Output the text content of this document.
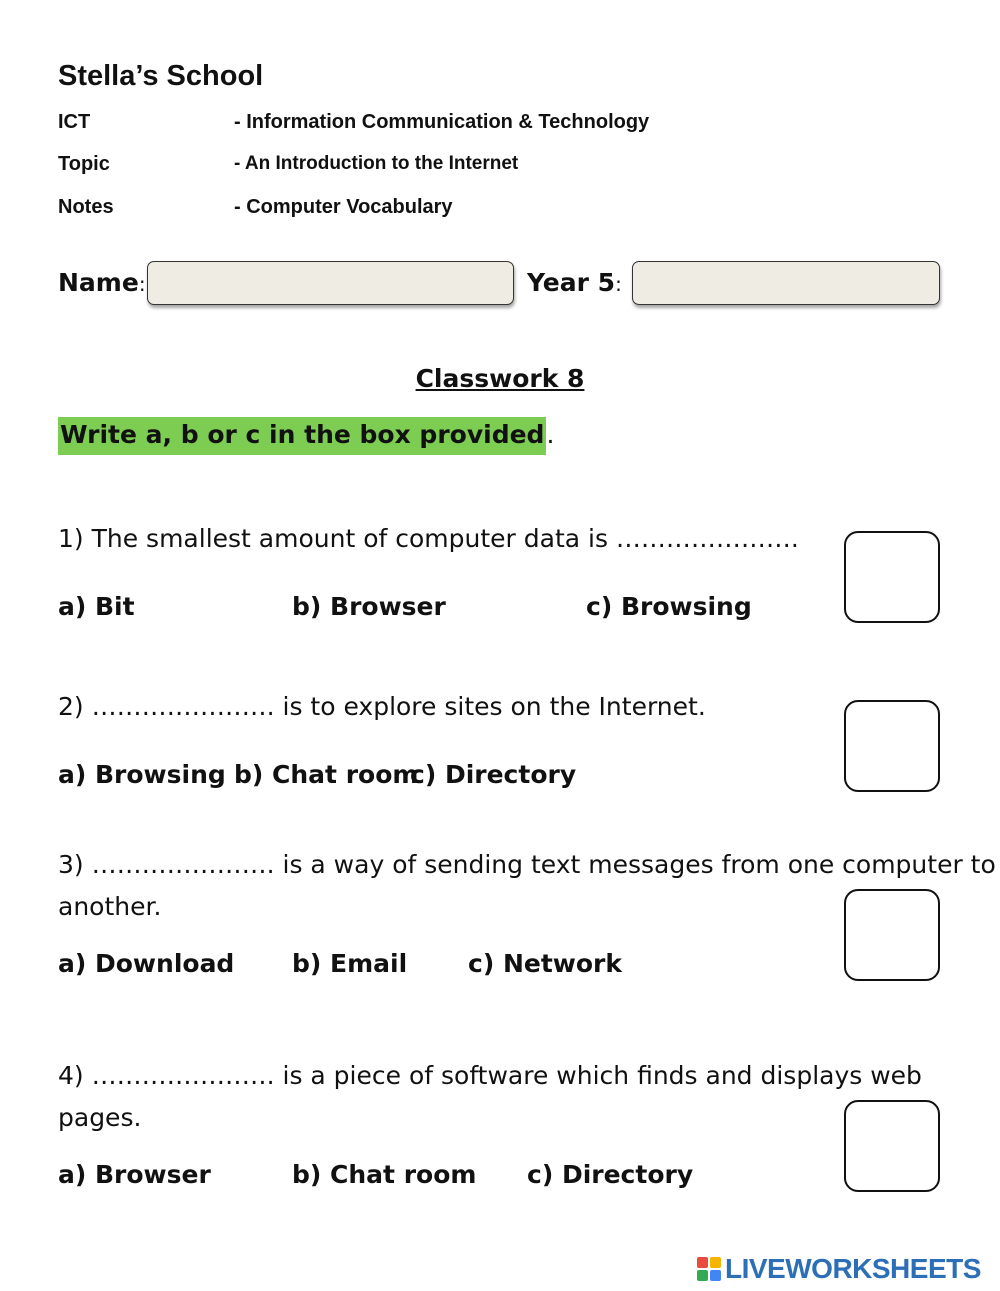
Stella’s School
ICT	- Information Communication & Technology
Topic	- An Introduction to the Internet
Notes	- Computer Vocabulary
Name:	Year 5:
Classwork 8
Write a, b or c in the box provided.
1) The smallest amount of computer data is ………………….
a) Bit	b) Browser	c) Browsing
2) …………………. is to explore sites on the Internet.
a) Browsing b) Chat room
c) Directory
3) …………………. is a way of sending text messages from one computer to
another.
a) Download b) Email c) Network
4) …………………. is a piece of software which finds and displays web
pages.
a) Browser	b) Chat room c) Directory
LIVEWORKSHEETS
